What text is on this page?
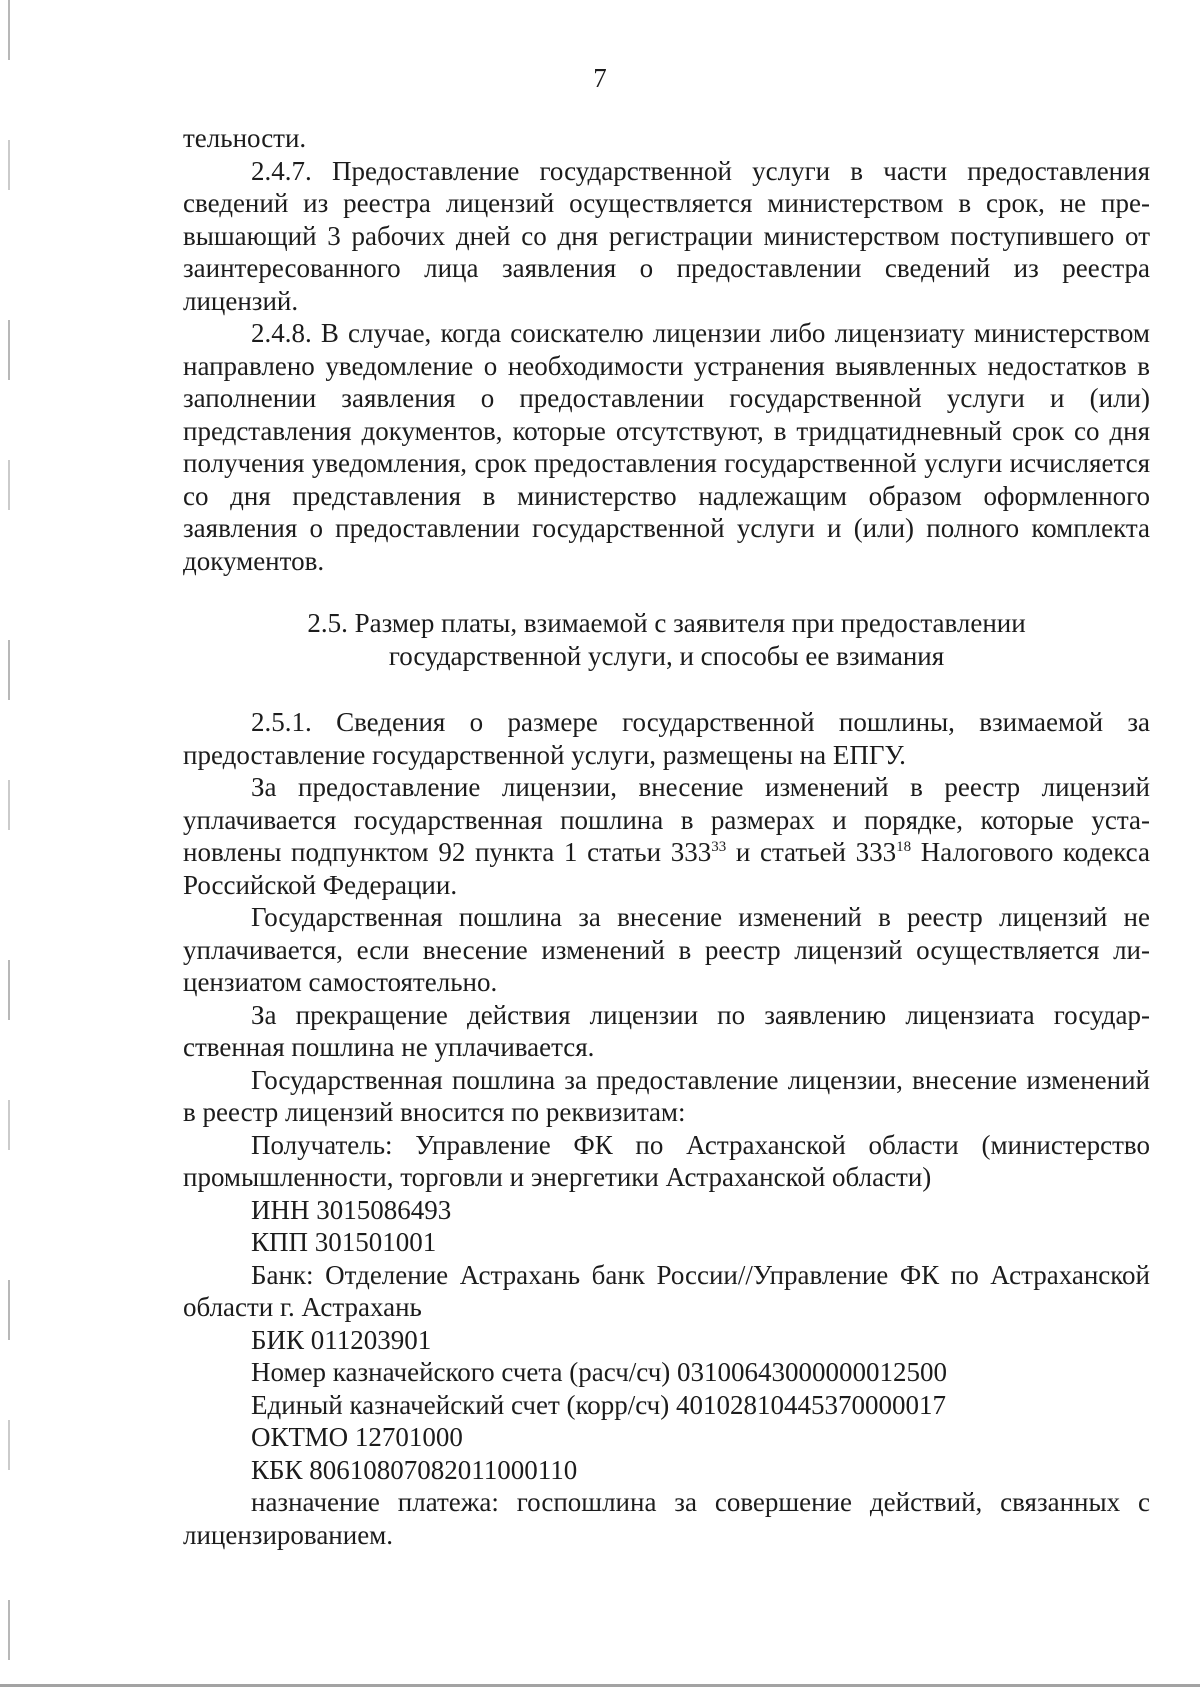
7

тельности.

2.4.7. Предоставление государственной услуги в части предоставления сведений из реестра лицензий осуществляется министерством в срок, не превышающий 3 рабочих дней со дня регистрации министерством поступившего от заинтересованного лица заявления о предоставлении сведений из реестра лицензий.

2.4.8. В случае, когда соискателю лицензии либо лицензиату министерством направлено уведомление о необходимости устранения выявленных недостатков в заполнении заявления о предоставлении государственной услуги и (или) представления документов, которые отсутствуют, в тридцатидневный срок со дня получения уведомления, срок предоставления государственной услуги исчисляется со дня представления в министерство надлежащим образом оформленного заявления о предоставлении государственной услуги и (или) полного комплекта документов.

2.5. Размер платы, взимаемой с заявителя при предоставлении
государственной услуги, и способы ее взимания

2.5.1. Сведения о размере государственной пошлины, взимаемой за предоставление государственной услуги, размещены на ЕПГУ.

За предоставление лицензии, внесение изменений в реестр лицензий уплачивается государственная пошлина в размерах и порядке, которые установлены подпунктом 92 пункта 1 статьи $333^{33}$ и статьей $333^{18}$ Налогового кодекса Российской Федерации.

Государственная пошлина за внесение изменений в реестр лицензий не уплачивается, если внесение изменений в реестр лицензий осуществляется лицензиатом самостоятельно.

За прекращение действия лицензии по заявлению лицензиата государственная пошлина не уплачивается.

Государственная пошлина за предоставление лицензии, внесение изменений в реестр лицензий вносится по реквизитам:

Получатель: Управление ФК по Астраханской области (министерство промышленности, торговли и энергетики Астраханской области)

ИНН 3015086493

КПП 301501001

Банк: Отделение Астрахань банк России//Управление ФК по Астраханской области г. Астрахань

БИК 011203901

Номер казначейского счета (расч/сч) 03100643000000012500

Единый казначейский счет (корр/сч) 40102810445370000017

ОКТМО 12701000

КБК 80610807082011000110

назначение платежа: госпошлина за совершение действий, связанных с лицензированием.
